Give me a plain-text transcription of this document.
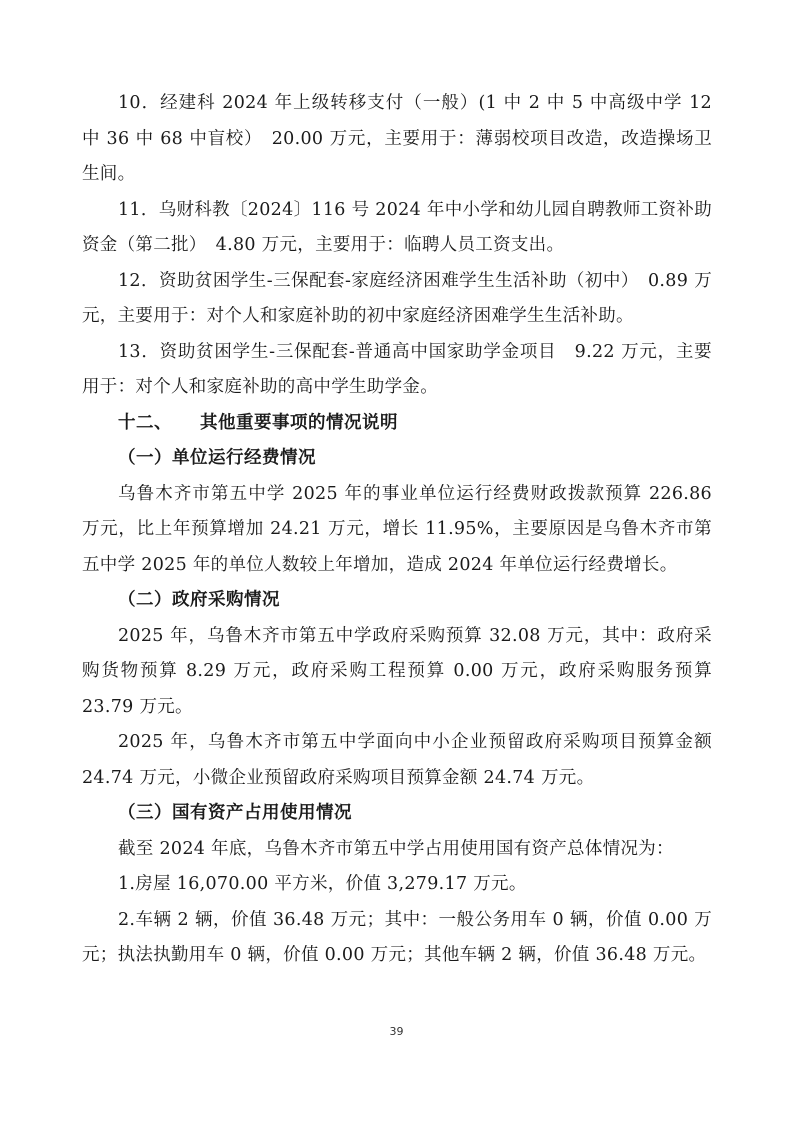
10．经建科 2024 年上级转移支付（一般）(1 中 2 中 5 中高级中学 12 中 36 中 68 中盲校）　20.00 万元，主要用于：薄弱校项目改造，改造操场卫生间。

11．乌财科教〔2024〕116 号 2024 年中小学和幼儿园自聘教师工资补助资金（第二批）　4.80 万元，主要用于：临聘人员工资支出。

12．资助贫困学生-三保配套-家庭经济困难学生生活补助（初中）　0.89 万元，主要用于：对个人和家庭补助的初中家庭经济困难学生生活补助。

13．资助贫困学生-三保配套-普通高中国家助学金项目　9.22 万元，主要用于：对个人和家庭补助的高中学生助学金。

十二、 其他重要事项的情况说明

（一）单位运行经费情况

乌鲁木齐市第五中学 2025 年的事业单位运行经费财政拨款预算 226.86 万元，比上年预算增加 24.21 万元，增长 11.95%，主要原因是乌鲁木齐市第五中学 2025 年的单位人数较上年增加，造成 2024 年单位运行经费增长。

（二）政府采购情况

2025 年，乌鲁木齐市第五中学政府采购预算 32.08 万元，其中：政府采购货物预算 8.29 万元，政府采购工程预算 0.00 万元，政府采购服务预算 23.79 万元。

2025 年，乌鲁木齐市第五中学面向中小企业预留政府采购项目预算金额 24.74 万元，小微企业预留政府采购项目预算金额 24.74 万元。

（三）国有资产占用使用情况

截至 2024 年底，乌鲁木齐市第五中学占用使用国有资产总体情况为：

1.房屋 16,070.00 平方米，价值 3,279.17 万元。

2.车辆 2 辆，价值 36.48 万元；其中：一般公务用车 0 辆，价值 0.00 万元；执法执勤用车 0 辆，价值 0.00 万元；其他车辆 2 辆，价值 36.48 万元。

39
